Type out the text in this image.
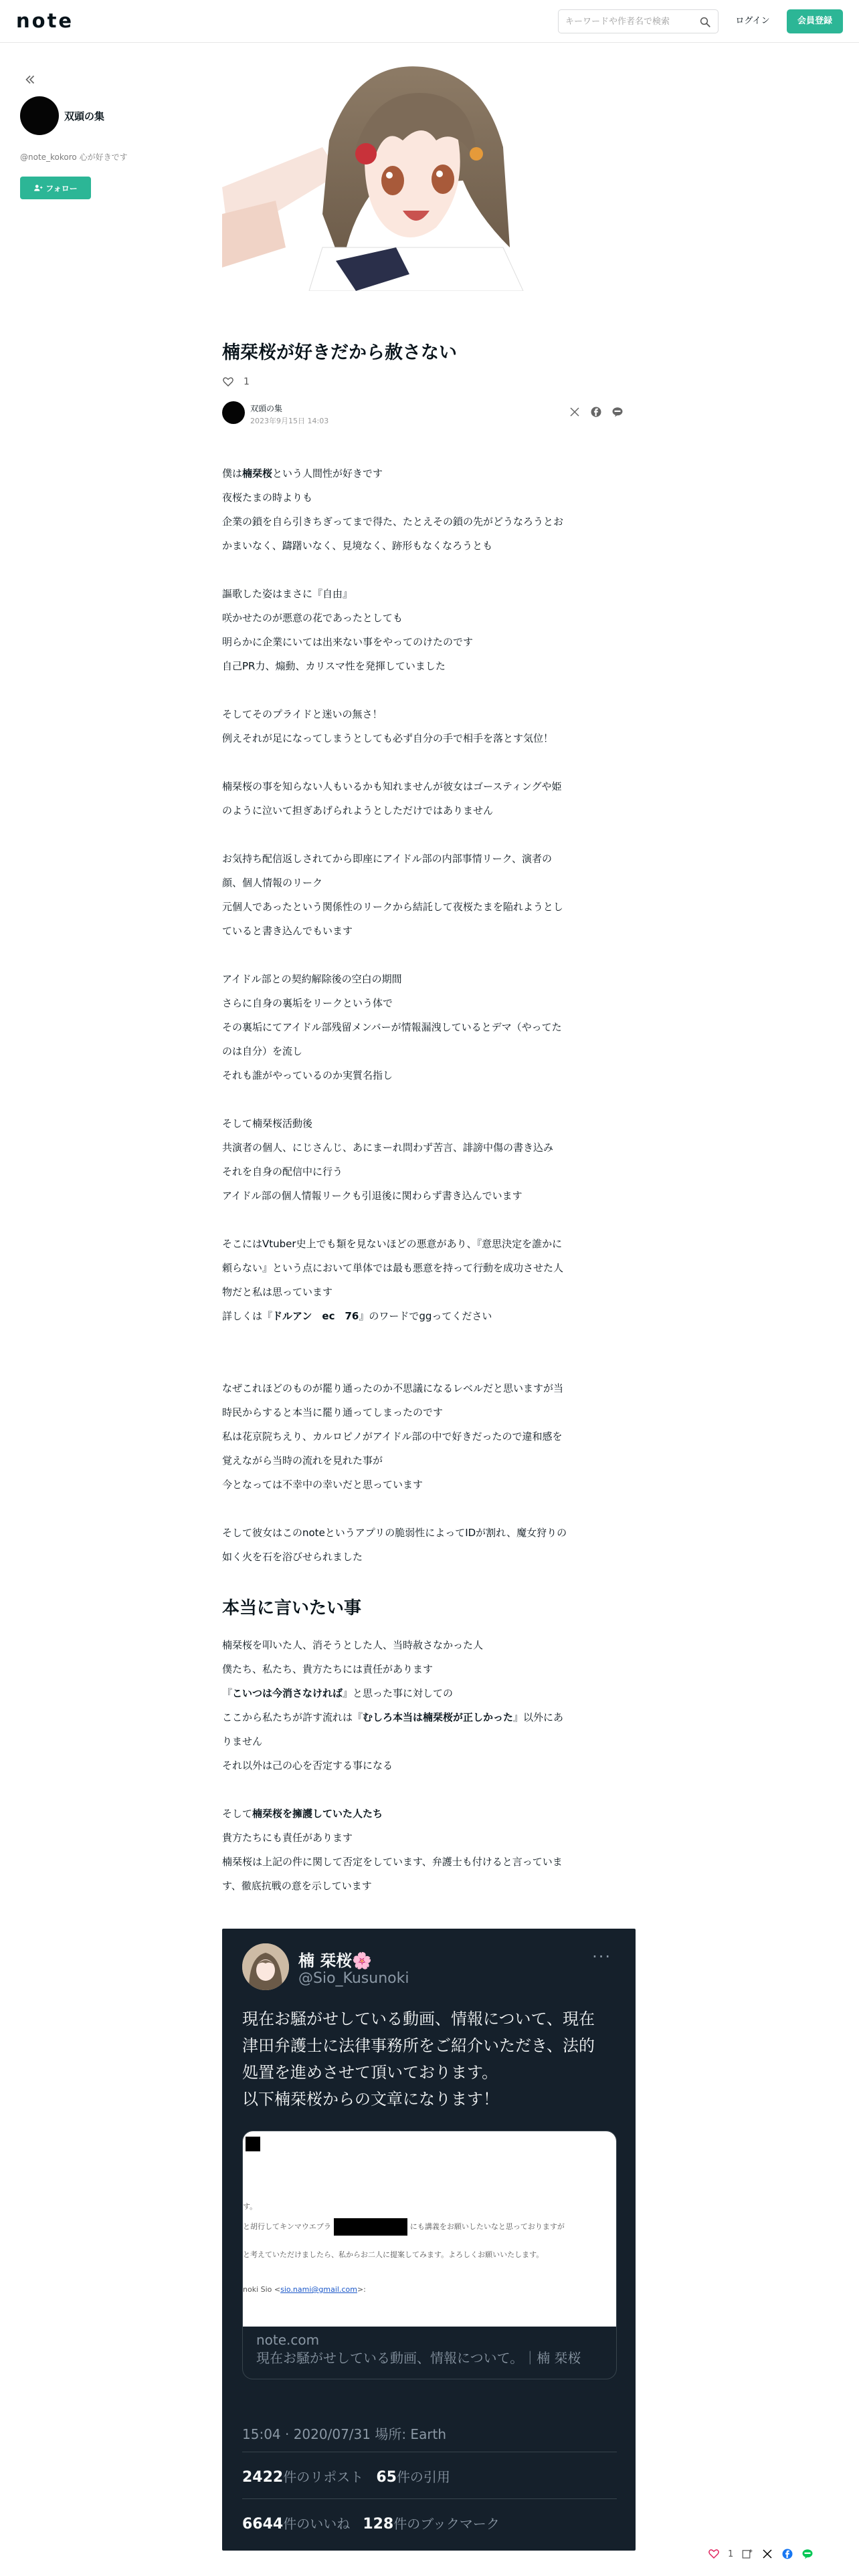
note
キーワードや作者名で検索	ログイン	会員登録
双頭の集
@note_kokoro 心が好きです
フォロー
楠栞桜が好きだから赦さない
1
双頭の集
2023年9月15日 14:03

僕は楠栞桜という人間性が好きです

夜桜たまの時よりも

企業の鎖を自ら引きちぎってまで得た、たとえその鎖の先がどうなろうとお

かまいなく、躊躇いなく、見境なく、跡形もなくなろうとも

謳歌した姿はまさに『自由』

咲かせたのが悪意の花であったとしても

明らかに企業にいては出来ない事をやってのけたのです

自己PR力、煽動、カリスマ性を発揮していました

そしてそのプライドと迷いの無さ！

例えそれが足になってしまうとしても必ず自分の手で相手を落とす気位！

楠栞桜の事を知らない人もいるかも知れませんが彼女はゴースティングや姫

のように泣いて担ぎあげられようとしただけではありません

お気持ち配信返しされてから即座にアイドル部の内部事情リーク、演者の

顔、個人情報のリーク

元個人であったという関係性のリークから結託して夜桜たまを陥れようとし

ていると書き込んでもいます

アイドル部との契約解除後の空白の期間

さらに自身の裏垢をリークという体で

その裏垢にてアイドル部残留メンバーが情報漏洩しているとデマ（やってた

のは自分）を流し

それも誰がやっているのか実質名指し

そして楠栞桜活動後

共演者の個人、にじさんじ、あにまーれ問わず苦言、誹謗中傷の書き込み

それを自身の配信中に行う

アイドル部の個人情報リークも引退後に関わらず書き込んでいます

そこにはVtuber史上でも類を見ないほどの悪意があり、『意思決定を誰かに

頼らない』という点において単体では最も悪意を持って行動を成功させた人

物だと私は思っています

詳しくは『ドルアン　ec　76』のワードでggってください

なぜこれほどのものが罷り通ったのか不思議になるレベルだと思いますが当

時民からすると本当に罷り通ってしまったのです

私は花京院ちえり、カルロピノがアイドル部の中で好きだったので違和感を

覚えながら当時の流れを見れた事が

今となっては不幸中の幸いだと思っています

そして彼女はこのnoteというアプリの脆弱性によってIDが割れ、魔女狩りの

如く火を石を浴びせられました

本当に言いたい事

楠栞桜を叩いた人、消そうとした人、当時赦さなかった人

僕たち、私たち、貴方たちには責任があります

『こいつは今消さなければ』と思った事に対しての

ここから私たちが許す流れは『むしろ本当は楠栞桜が正しかった』以外にあ

りません

それ以外は己の心を否定する事になる

そして楠栞桜を擁護していた人たち

貴方たちにも責任があります

楠栞桜は上記の件に関して否定をしています、弁護士も付けると言っていま

す、徹底抗戦の意を示しています

楠 栞桜🌸
@Sio_Kusunoki
···
現在お騒がせしている動画、情報について、現在
津田弁護士に法律事務所をご紹介いただき、法的
処置を進めさせて頂いております。
以下楠栞桜からの文章になります！
す。
と胡行してキンマウエブラ	にも講義をお願いしたいなと思っておりますが
と考えていただけましたら、私からお二人に提案してみます。よろしくお願いいたします。
noki Sio <sio.nami@gmail.com>:
note.com
現在お騒がせしている動画、情報について。｜楠 栞桜
15:04 · 2020/07/31 場所: Earth
2422件のリポスト 65件の引用
6644件のいいね 128件のブックマーク
1
